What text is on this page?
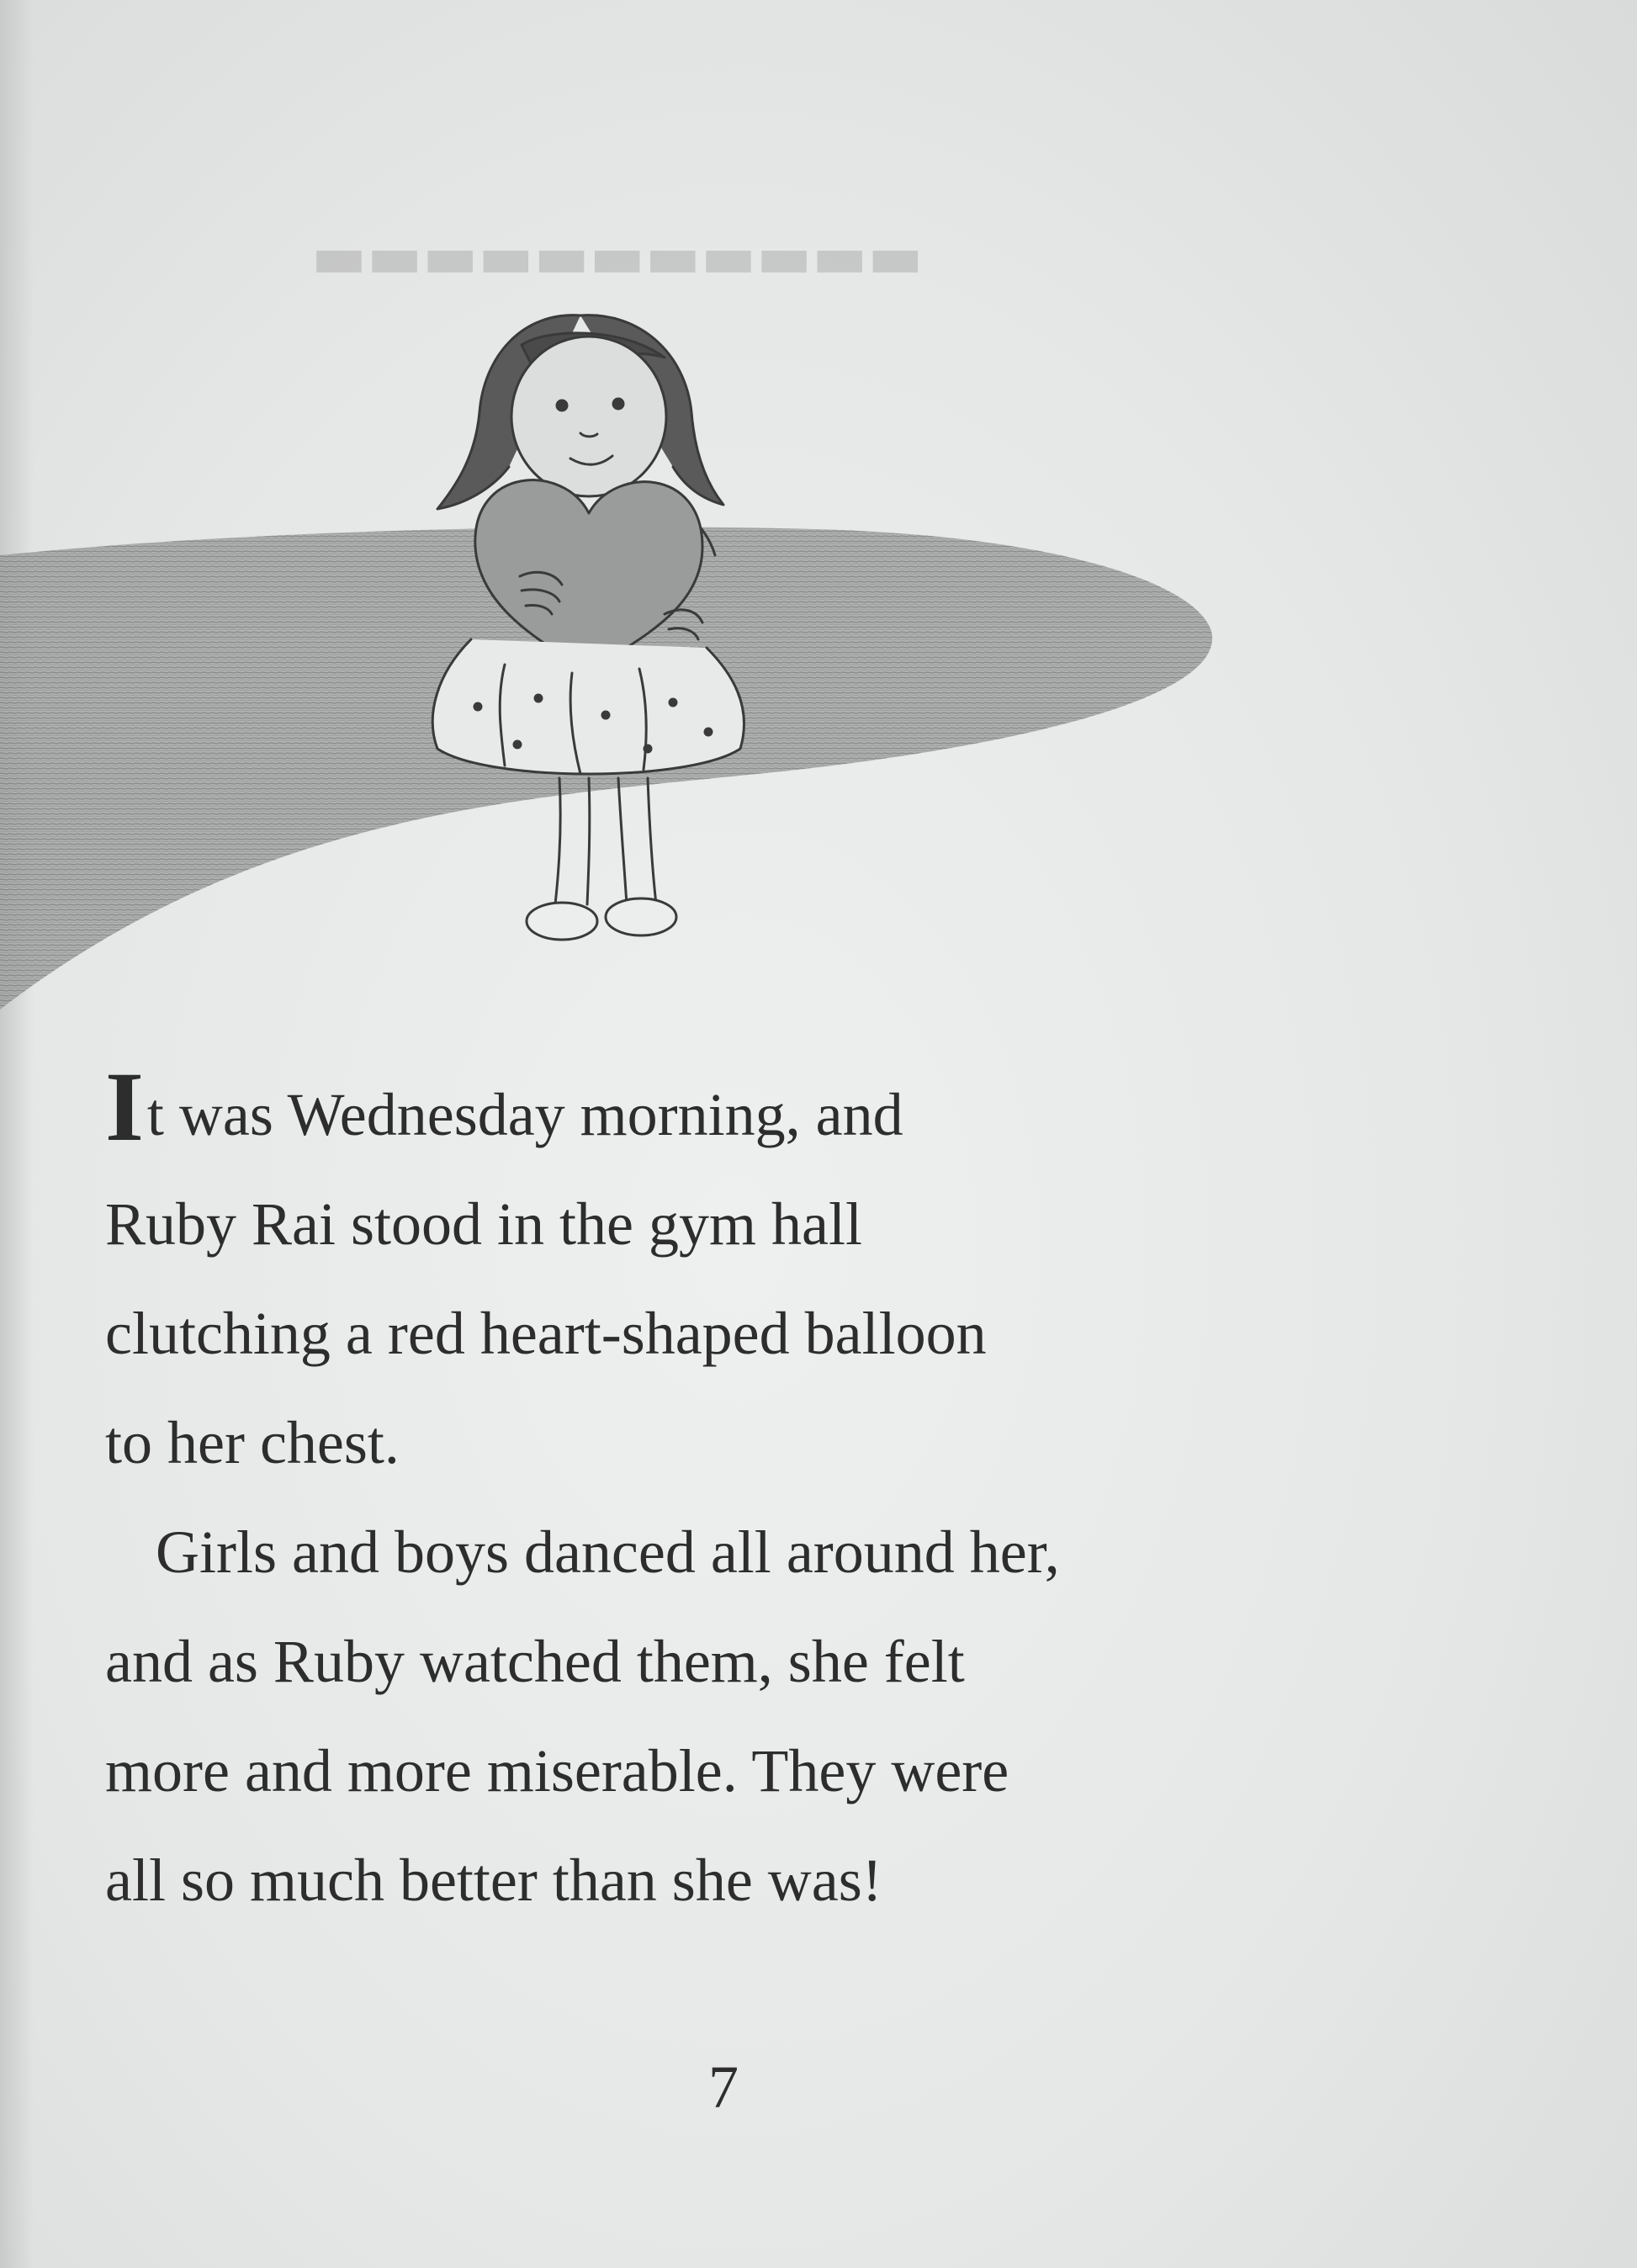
▬▬▬▬▬▬▬▬▬▬▬

It was Wednesday morning, and
Ruby Rai stood in the gym hall
clutching a red heart-shaped balloon
to her chest.

Girls and boys danced all around her,
and as Ruby watched them, she felt
more and more miserable. They were
all so much better than she was!

7
